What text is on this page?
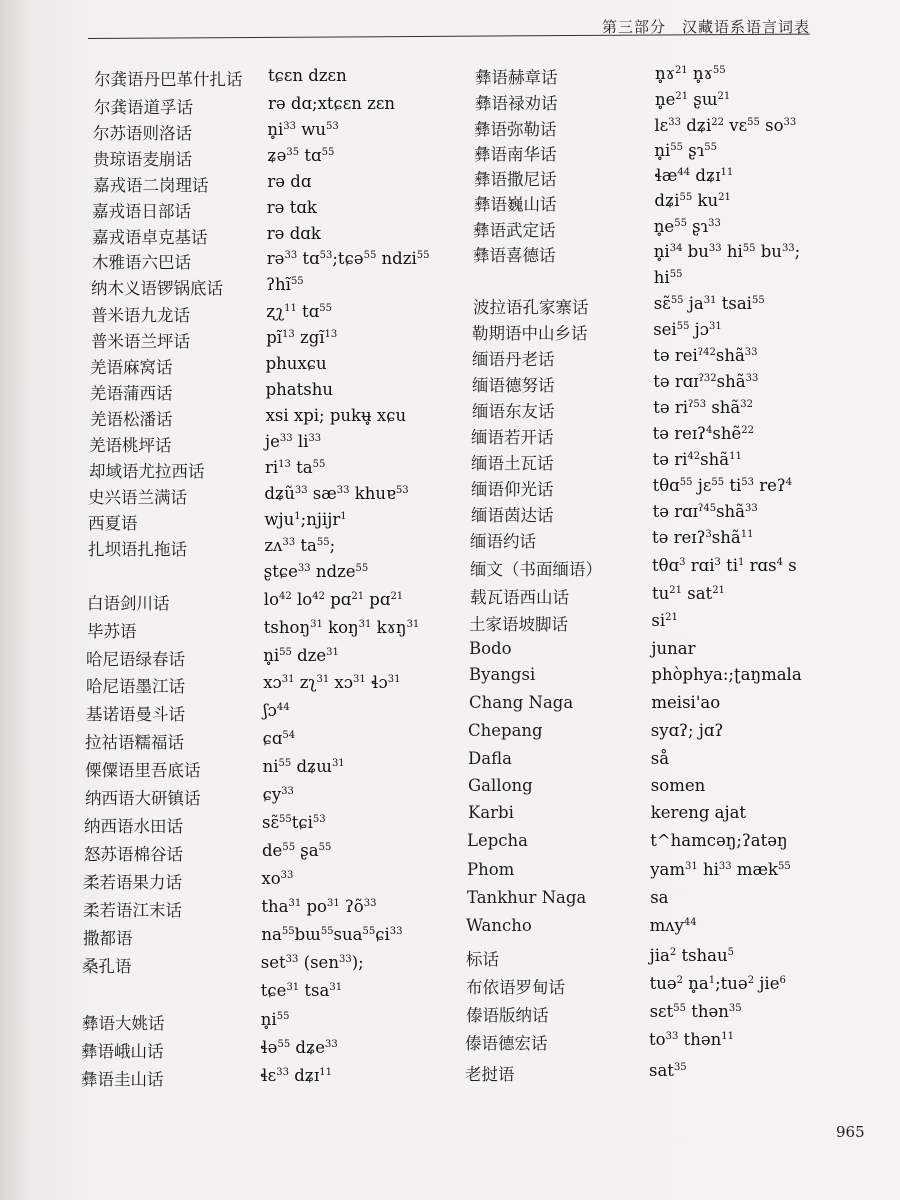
第三部分　汉藏语系语言词表
尔龚语丹巴革什扎话 tɕɛn dzɛn
尔龚语道孚话	rə dɑ;xtɕɛn zɛn
尔苏语则洛话	$n̥i^{33}$ $wu^{53}$
贵琼语麦崩话	ʑə$^{35}$ tɑ$^{55}$
嘉戎语二岗理话	rə dɑ
嘉戎语日部话	rə tɑk
嘉戎语卓克基话	rə dɑk
木雅语六巴话	rə$^{33}$ tɑ$^{53}$;tɕə$^{55}$ ndzi$^{55}$
纳木义语锣锅底话	ʔhĩ$^{55}$
普米语九龙话	ʐʅ$^{11}$ tɑ$^{55}$
普米语兰坪话	$pĩ^{13}$ zgĩ$^{13}$
羌语麻窝话	phuxɕu
羌语蒲西话	phatshu
羌语松潘话	xsi xpi; pukʉ̥ xɕu
羌语桃坪话	$je^{33}$ $li^{33}$
却域语尤拉西话	$ri^{13}$ $ta^{55}$
史兴语兰满话	dʑũ$^{33}$ $sæ^{33}$ khuɐ$^{53}$
西夏语	wju$^1$;njijr$^1$
扎坝语扎拖话	zʌ$^{33}$ $ta^{55}$;
ʂtɕe$^{33}$ ndze$^{55}$
白语剑川话	$lo^{42}$ $lo^{42}$ pɑ$^{21}$ pɑ$^{21}$
毕苏语	tshoŋ$^{31}$ koŋ$^{31}$ kɤŋ$^{31}$
哈尼语绿春话	$n̥i^{55}$ dze$^{31}$
哈尼语墨江话	xɔ$^{31}$ zʅ$^{31}$ xɔ$^{31}$ ɬɔ$^{31}$
基诺语曼斗话	ʃɔ$^{44}$
拉祜语糯福话	ɕɑ$^{54}$
傈僳语里吾底话	$ni^{55}$ dʑɯ$^{31}$
纳西语大研镇话	ɕy$^{33}$
纳西语水田话	sɛ̃$^{55}$tɕi$^{53}$
怒苏语棉谷话	$de^{55}$ ʂa$^{55}$
柔若语果力话	$xo^{33}$
柔若语江末话	tha$^{31}$ $po^{31}$ ʔõ$^{33}$
撒都语	$na^{55}bɯ^{55}sua^{55}ɕi^{33}$
桑孔语	set$^{33}$ (sen$^{33}$);
tɕe$^{31}$ tsa$^{31}$
彝语大姚话	$n̥i^{55}$
彝语峨山话	ɬə$^{55}$ dʑe$^{33}$
彝语圭山话	ɬɛ$^{33}$ dʑɪ$^{11}$
彝语赫章话	n̥ɤ$^{21}$ n̥ɤ$^{55}$
彝语禄劝话	$n̥e^{21}$ ʂɯ$^{21}$
彝语弥勒话	lɛ$^{33}$ dʑi$^{22}$ vɛ$^{55}$ $so^{33}$
彝语南华话	$n̥i^{55}$ ʂɿ$^{55}$
彝语撒尼话	ɬæ$^{44}$ dʑɪ$^{11}$
彝语巍山话	dʑi$^{55}$ $ku^{21}$
彝语武定话	$n̥e^{55}$ ʂɿ$^{33}$
彝语喜德话	$n̥i^{34}$ $bu^{33}$ $hi^{55}$ $bu^{33}$;
$hi^{55}$
波拉语孔家寨话	sɛ̃$^{55}$ $ja^{31}$ tsai$^{55}$
勒期语中山乡话	sei$^{55}$ jɔ$^{31}$
缅语丹老话	tə rei$^{ʔ42}$shã$^{33}$
缅语德努话	tə rɑɪ$^{ʔ32}$shã$^{33}$
缅语东友话	tə $ri^{ʔ53}$ shã$^{32}$
缅语若开话	tə reɪʔ$^4$shẽ$^{22}$
缅语土瓦话	tə $ri^{42}shã^{11}$
缅语仰光话	tθɑ$^{55}$ jɛ$^{55}$ $ti^{53}$ reʔ$^4$
缅语茵达话	tə rɑɪ$^{ʔ45}$shã$^{33}$
缅语约话	tə reɪʔ$^3$shã$^{11}$
缅文（书面缅语）	tθɑ$^3$ rɑi$^3$ $ti^1$ rɑs$^4$ s
载瓦语西山话	$tu^{21}$ sat$^{21}$
土家语坡脚话	$si^{21}$
Bodo	junar
Byangsi	phòphya:;ʈaŋmala
Chang Naga	meisi'ao
Chepang	syɑʔ; jɑʔ
Dafla	så
Gallong	somen
Karbi	kereng ajat
Lepcha	t^hamcəŋ;ʔatəŋ
Phom	yam$^{31}$ $hi^{33}$ mæk$^{55}$
Tankhur Naga	sa
Wancho	mʌy$^{44}$
标话	jia$^2$ tshau$^5$
布依语罗甸话	tuə$^2$ $n̥a^1;tuə^2$ jie$^6$
傣语版纳话	sɛt$^{55}$ thən$^{35}$
傣语德宏话	$to^{33}$ thən$^{11}$
老挝语	sat$^{35}$
965
